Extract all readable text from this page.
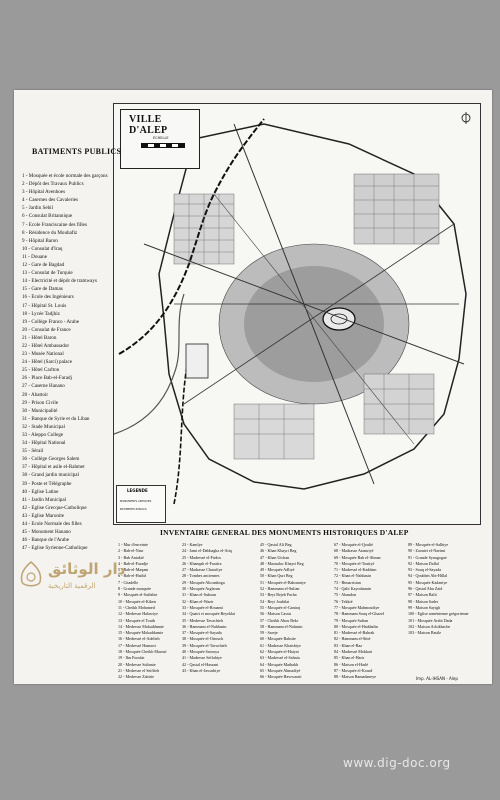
VILLE D'ALEP
ECHELLE
LEGENDE
MONUMENTS ANTIQUES
BATIMENTS PUBLICS
BATIMENTS PUBLICS
1 - Mosquée et école normale des garçons
2 - Dépôt des Travaux Publics
3 - Hôpital Avenhoes
4 - Casernes des Cavaleries
5 - Jardin Sebil
6 - Consulat Britannique
7 - Ecole Franciscaine des filles
8 - Résidence du Mouhafiz
9 - Hôpital Baron
10 - Consulat d'Iraq
11 - Douane
12 - Gare de Bagdad
13 - Consulat de Turquie
14 - Electricité et dépôt de tramways
15 - Gare de Damas
16 - Ecole des Ingénieurs
17 - Hôpital St. Louis
18 - Lycée Tadjhiz
19 - Collège Franco - Arabe
20 - Consulat de France
21 - Hôtel Baron
22 - Hôtel Ambassador
23 - Musée National
24 - Hôtel (Sarci) palace
25 - Hôtel Carlton
26 - Place Bab-el-Faradj
27 - Caserne Hanano
28 - Abattoir
29 - Prison Civile
30 - Municipalité
31 - Banque de Syrie et du Liban
32 - Stade Municipal
33 - Aleppo College
34 - Hôpital National
35 - Sérail
36 - Collège Georges Salem
37 - Hôpital et asile el-Rahmet
38 - Grand jardin municipal
39 - Poste et Télégraphe
40 - Eglise Latine
41 - Jardin Municipal
42 - Eglise Grecque-Catholique
43 - Eglise Maronite
44 - Ecole Normale des filles
45 - Monument Hanano
46 - Banque de l'Arabe
47 - Eglise Syrienne-Catholique
INVENTAIRE GENERAL DES MONUMENTS HISTORIQUES D'ALEP
1 - Mur d'enceinte
2 - Bab-el-Nasr
3 - Bab Antakié
4 - Bab-el-Faradje
5 - Bab-el-Maqam
6 - Bab-el-Hadid
7 - Citadelle
8 - Grande mosquée
9 - Mosquée el-Saffahie
10 - Mosquée el-Kiken
11 - Cheikh Mohamed
12 - Medresse Halawiye
13 - Mosquée el Touth
14 - Medresse Mokaddamie
15 - Mosquée Mokaddamie
16 - Medressé el-Adelieh
17 - Medressé Hamawi
18 - Mosquée Cheikh Marouf
19 - Ibn Fooulat
20 - Medresse Sultanie
21 - Medresse el Seiffieh
22 - Medresse Zahirie
23 - Kamlye
24 - Jami el-Dabbagha el-Atiq
25 - Madressé el-Firdos
26 - Khanqah el-Farafra
27 - Madrasse Charafiye
28 - Tombes anciennes
29 - Mosquée Altounboga
30 - Mosquée Arghoun
31 - Khan el-Saboun
32 - Khan el-Wazir
33 - Mosquée el-Rouami
34 - Quatri et mosquée Beyeklai
35 - Medresse Tavachieh
36 - Hammam el-Nahhasin
37 - Mosquée el-Sayada
38 - Mosquée el-Otrouch
39 - Mosquée el-Tavachieh
40 - Mosquée Sarouya
41 - Madresse Seffahiye
42 - Qastal el-Hassani
43 - Khan el-Jawarhiye
45 - Qastal Ali Beg
46 - Khan Khayri Beg
47 - Khan Utchan
48 - Maoualac Khayri Beg
49 - Mosquée Adliyé
50 - Khan Qurt Beg
51 - Mosquée el-Bahramiye
52 - Hammam el-Sultan
53 - Beyt Rejeb Pacha
54 - Beyt Joubilat
55 - Mosquée el-Ganiraj
56 - Maison Cassis
57 - Cheikh Abou Bekr
58 - Hammam el-Nahasin
59 - Sareje
60 - Mosquée Bahsite
61 - Madrasse Khatsbiye
62 - Mosquée el-Haiyat
63 - Madressé el-Sahnia
64 - Mosquée Matbakh
65 - Mosquée Ahmadiyé
66 - Mosquée Hawwarati
67 - Mosquée el-Qoulié
68 - Madrasse Atamriyé
69 - Mosquée Bab el-Ahmar
70 - Mosquée el-Toutiyé
71 - Madressé el-Kaddam
72 - Khan el-Nahhasin
73 - Bimarristan
74 - Qalit Kayrahamin
75 - Abandon
76 - Tekkié
77 - Mosquée Mahmoudiye
78 - Hammam Souq el-Ghazel
79 - Mosquée Sultan
80 - Mosquée el-Haddadin
81 - Madressé el-Bahrak
82 - Hammam el-Sitté
83 - Khan el-Baz
84 - Madressé Mokkari
85 - Khan el-Harir
86 - Maison el-Harlé
87 - Mosquée el-Kourd
88 - Maison Bamadaneye
89 - Mosquée el-Salhiye
90 - Zaouiet el-Naeimi
91 - Grande Synagogue
92 - Maison Dallal
93 - Souq el-Sayada
94 - Qoubbet Abi-Hillal
95 - Mosquée Kadaniye
96 - Qastal Abu Zaid
97 - Maison Balit
98 - Maison Sader
99 - Maison Sayigh
100 - Eglise arménienne grégorienne
101 - Mosquée Arabi Dada
102 - Maison Achikbache
103 - Maison Basile
Imp. AL-IHSAN - Alep
دار الوثائق
الرقمية التاريخية
www.dig-doc.org
